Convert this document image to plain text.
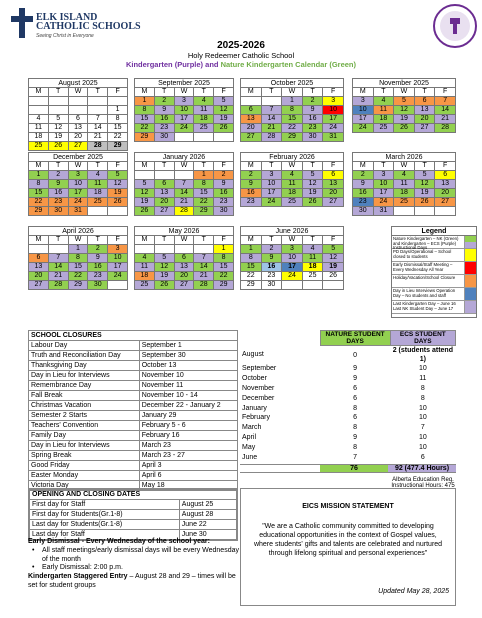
ELK ISLAND
CATHOLIC SCHOOLS
Seeing Christ in Everyone
2025-2026
Holy Redeemer Catholic School
Kindergarten (Purple) and Nature Kindergarten Calendar (Green)
August 2025
M	T	W	T	F

				1
4	5	6	7	8
11	12	13	14	15
18	19	20	21	22
25	26	27	28	29
September 2025
M	T	W	T	F
1	2	3	4	5
8	9	10	11	12
15	16	17	18	19
22	23	24	25	26
29	30			
October 2025
M	T	W	T	F
		1	2	3
6	7	8	9	10
13	14	15	16	17
20	21	22	23	24
27	28	29	30	31
November 2025
M	T	W	T	F
3	4	5	6	7
10	11	12	13	14
17	18	19	20	21
24	25	26	27	28
December 2025
M	T	W	T	F
1	2	3	4	5
8	9	10	11	12
15	16	17	18	19
22	23	24	25	26
29	30	31		
January 2026
M	T	W	T	F
			1	2
5	6	7	8	9
12	13	14	15	16
19	20	21	22	23
26	27	28	29	30
February 2026
M	T	W	T	F
2	3	4	5	6
9	10	11	12	13
16	17	18	19	20
23	24	25	26	27
March 2026
M	T	W	T	F
2	3	4	5	6
9	10	11	12	13
16	17	18	19	20
23	24	25	26	27
30	31			
April 2026
M	T	W	T	F
		1	2	3
6	7	8	9	10
13	14	15	16	17
20	21	22	23	24
27	28	29	30	
May 2026
M	T	W	T	F
				1
4	5	6	7	8
11	12	13	14	15
18	19	20	21	22
25	26	27	28	29
June 2026
M	T	W	T	F
1	2	3	4	5
8	9	10	11	12
15	16	17	18	19
22	23	24	25	26
29	30			
Legend
Nature Kindergarten – NK (Green) and Kindergarten – ECS (Purple) Instructional Days
PD Days/Operational – School closed to students
Early Dismissal/Staff Meeting – Every Wednesday All Year
Holiday/Vacation/School Closure
Day in Lieu Interviews Operation Day – No students and staff
Last Kindergarten Day – June 16 Last NK Student Day – June 17
SCHOOL CLOSURES	
Labour Day	September 1
Truth and Reconciliation Day	September 30
Thanksgiving Day	October 13
Day in Lieu for Interviews	November 10
Remembrance Day	November 11
Fall Break	November 10 - 14
Christmas Vacation	December 22 - January 2
Semester 2 Starts	January 29
Teachers' Convention	February 5 - 6
Family Day	February 16
Day in Lieu for Interviews	March 23
Spring Break	March 23 - 27
Good Friday	April 3
Easter Monday	April 6
Victoria Day	May 18
	NATURE STUDENT DAYS	ECS STUDENT DAYS
August	0	2 (students attend 1)
September	9	10
October	9	11
November	6	8
December	6	8
January	8	10
February	6	10
March	8	7
April	9	10
May	8	10
June	7	6
76	92 (477.4 Hours)
Alberta Education Req.
Instructional Hours: 475
OPENING AND CLOSING DATES	
First day for Staff	August 25
First day for Students(Gr.1-8)	August 28
Last day for Students(Gr.1-8)	June 22
Last day for Staff	June 30
Early Dismissal - Every Wednesday of the school year:
• All staff meetings/early dismissal days will be every Wednesday of the month
• Early Dismissal: 2:00 p.m.
Kindergarten Staggered Entry – August 28 and 29 – times will be set for student groups
EICS MISSION STATEMENT
"We are a Catholic community committed to developing educational opportunities in the context of Gospel values, where students' gifts and talents are celebrated and nurtured through lifelong spiritual and personal experiences"
Updated May 28, 2025
